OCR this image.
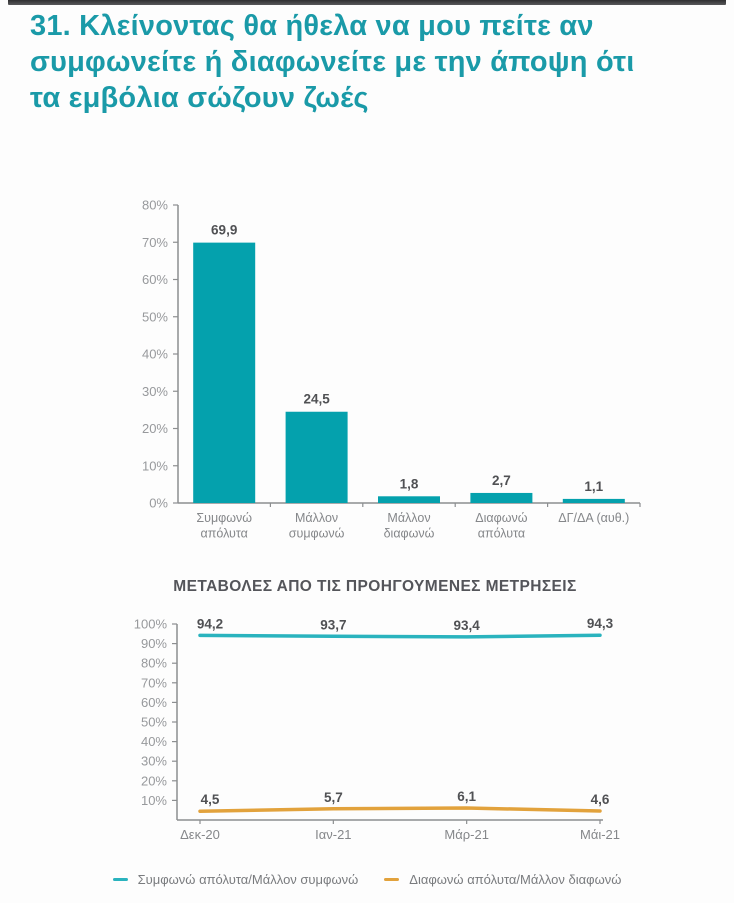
31. Κλείνοντας θα ήθελα να μου πείτε αν συμφωνείτε ή διαφωνείτε με την άποψη ότι τα εμβόλια σώζουν ζωές
0%
10%
20%
30%
40%
50%
60%
70%
80%
69,9
Συμφωνώ
απόλυτα
24,5
Μάλλον
συμφωνώ
1,8
Μάλλον
διαφωνώ
2,7
Διαφωνώ
απόλυτα
1,1
ΔΓ/ΔΑ (αυθ.)
ΜΕΤΑΒΟΛΕΣ ΑΠΟ ΤΙΣ ΠΡΟΗΓΟΥΜΕΝΕΣ ΜΕΤΡΗΣΕΙΣ
10%
20%
30%
40%
50%
60%
70%
80%
90%
100%
Δεκ-20	Ιαν-21	Μάρ-21	Μάι-21
94,2	93,7	93,4	94,3
4,5	5,7	6,1	4,6
Συμφωνώ απόλυτα/Μάλλον συμφωνώ	Διαφωνώ απόλυτα/Μάλλον διαφωνώ
